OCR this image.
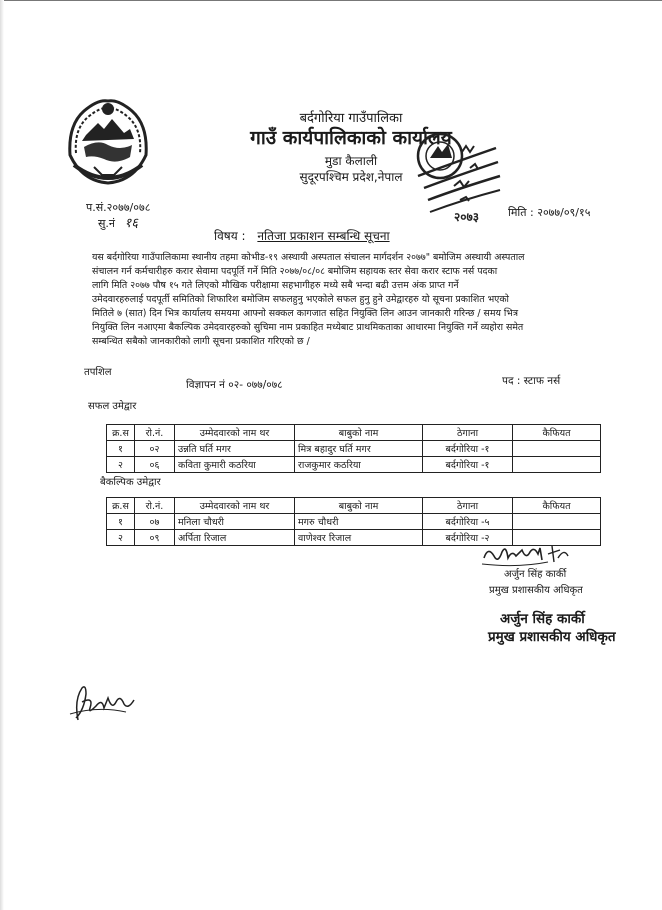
बर्दगोरिया गाउँपालिका
गाउँ कार्यपालिकाको कार्यालय
मुडा कैलाली
सुदूरपश्चिम प्रदेश,नेपाल
२०७३
प.सं.२०७७/०७८
सु.नं १६
मिति : २०७७/०९/१५
विषय : नतिजा प्रकाशन सम्बन्धि सूचना
यस बर्दगोरिया गाउँपालिकामा स्थानीय तहमा कोभीड-१९ अस्थायी अस्पताल संचालन मार्गदर्शन २०७७" बमोजिम अस्थायी अस्पताल
संचालन गर्न कर्मचारीहरु करार सेवामा पदपूर्ति गर्ने मिति २०७७/०८/०८ बमोजिम सहायक स्तर सेवा करार स्टाफ नर्स पदका
लागि मिति २०७७ पौष १५ गते लिएको मौखिक परीक्षामा सहभागीहरु मध्ये सबै भन्दा बढी उत्तम अंक प्राप्त गर्ने
उमेदवारहरुलाई पदपूर्ती समितिको शिफारिश बमोजिम सफलहुनु भएकोले सफल हुनु हुने उमेद्वारहरु यो सूचना प्रकाशित भएको
मितिले ७ (सात) दिन भित्र कार्यालय समयमा आफ्नो सक्कल कागजात सहित नियुक्ति लिन आउन जानकारी गरिन्छ / समय भित्र
नियुक्ति लिन नआएमा बैकल्पिक उमेदवारहरुको सुचिमा नाम प्रकाहित मध्येबाट प्राथमिकताका आधारमा नियुक्ति गर्ने व्यहोरा समेत
सम्बन्धित सबैको जानकारीको लागी सूचना प्रकाशित गरिएको छ /
तपशिल
विज्ञापन नं ०२- ०७७/०७८	पद : स्टाफ नर्स
सफल उमेद्वार
क्र.स	रो.नं.	उम्मेदवारको नाम थर	बाबुको नाम	ठेगाना	कैफियत
१	०२	उन्नति घर्ति मगर	मित्र बहादुर घर्ति मगर	बर्दगोरिया -१	
२	०६	कविता कुमारी कठरिया	राजकुमार कठरिया	बर्दगोरिया -१	
बैकल्पिक उमेद्वार
क्र.स	रो.नं.	उम्मेदवारको नाम थर	बाबुको नाम	ठेगाना	कैफियत
१	०७	मनिला चौधरी	मगरु चौधरी	बर्दगोरिया -५	
२	०९	अर्पिता रिजाल	वाणेश्वर रिजाल	बर्दगोरिया -२	
अर्जुन सिंह कार्की
प्रमुख प्रशासकीय अधिकृत
अर्जुन सिंह कार्की
प्रमुख प्रशासकीय अधिकृत
